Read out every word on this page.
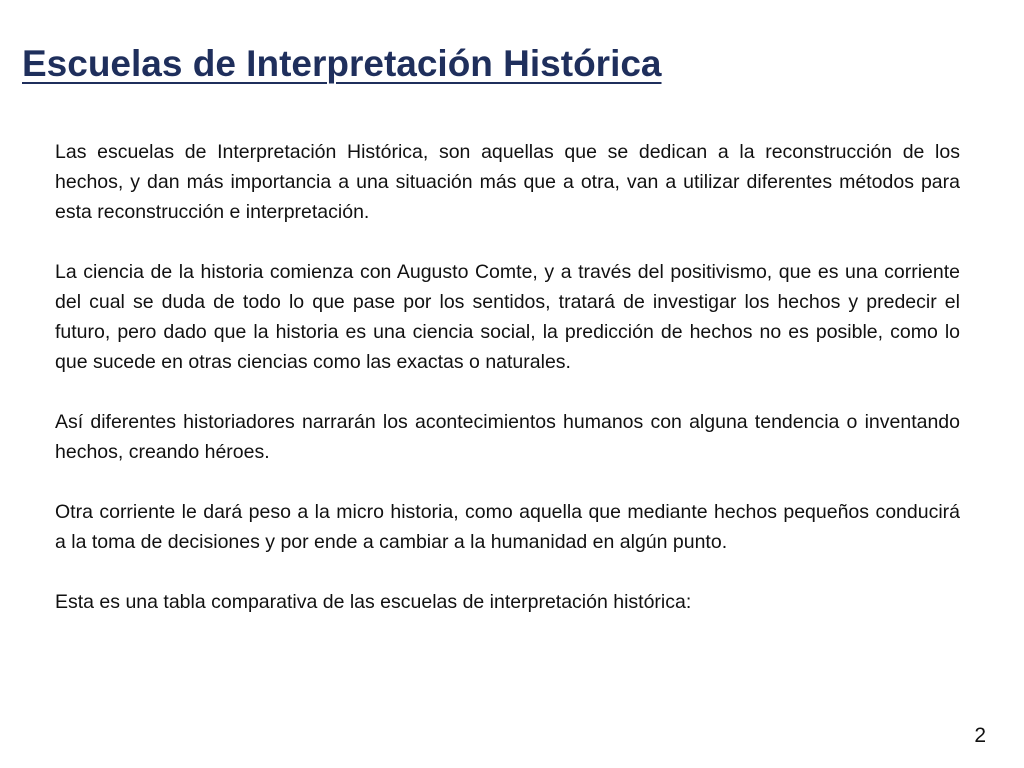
Escuelas de Interpretación Histórica

Las escuelas de Interpretación Histórica, son aquellas que se dedican a la reconstrucción de los hechos, y dan más importancia a una situación más que a otra, van a utilizar diferentes métodos para esta reconstrucción e interpretación.

La ciencia de la historia comienza con Augusto Comte, y a través del positivismo, que es una corriente del cual se duda de todo lo que pase por los sentidos, tratará de investigar los hechos y predecir el futuro, pero dado que la historia es una ciencia social, la predicción de hechos no es posible, como lo que sucede en otras ciencias como las exactas o naturales.

Así diferentes historiadores narrarán los acontecimientos humanos con alguna tendencia o inventando hechos, creando héroes.

Otra corriente le dará peso a la micro historia, como aquella que mediante hechos pequeños conducirá a la toma de decisiones y por ende a cambiar a la humanidad en algún punto.

Esta es una tabla comparativa de las escuelas de interpretación histórica:

2
